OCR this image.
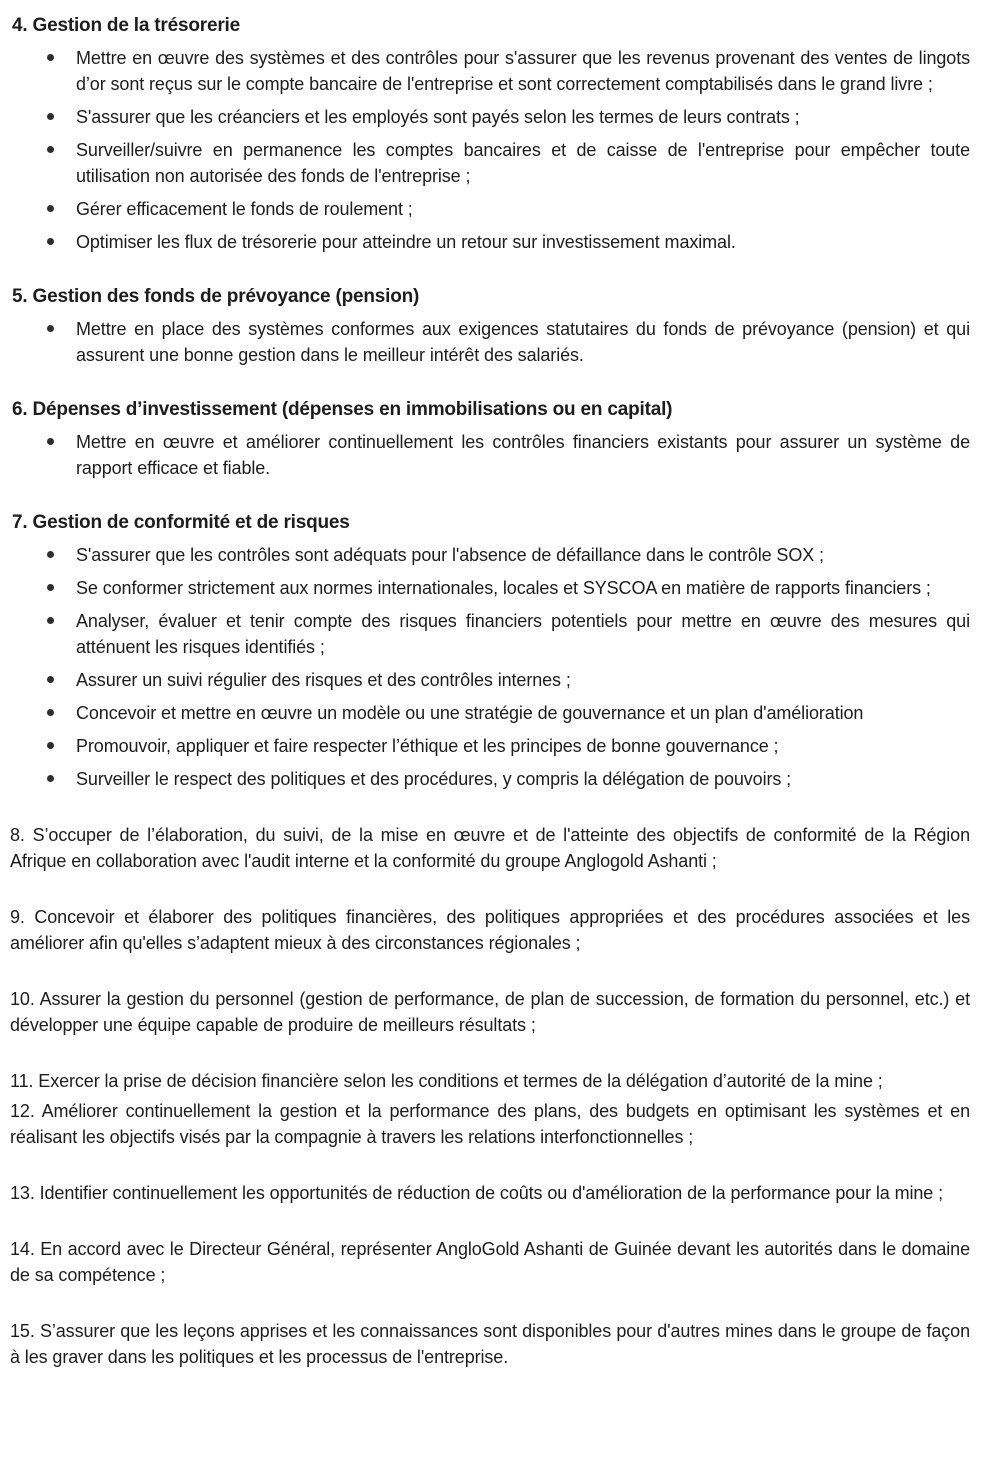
4. Gestion de la trésorerie
Mettre en œuvre des systèmes et des contrôles pour s'assurer que les revenus provenant des ventes de lingots d’or sont reçus sur le compte bancaire de l'entreprise et sont correctement comptabilisés dans le grand livre ;
S'assurer que les créanciers et les employés sont payés selon les termes de leurs contrats ;
Surveiller/suivre en permanence les comptes bancaires et de caisse de l'entreprise pour empêcher toute utilisation non autorisée des fonds de l'entreprise ;
Gérer efficacement le fonds de roulement ;
Optimiser les flux de trésorerie pour atteindre un retour sur investissement maximal.
5. Gestion des fonds de prévoyance (pension)
Mettre en place des systèmes conformes aux exigences statutaires du fonds de prévoyance (pension) et qui assurent une bonne gestion dans le meilleur intérêt des salariés.
6. Dépenses d’investissement (dépenses en immobilisations ou en capital)
Mettre en œuvre et améliorer continuellement les contrôles financiers existants pour assurer un système de rapport efficace et fiable.
7. Gestion de conformité et de risques
S'assurer que les contrôles sont adéquats pour l'absence de défaillance dans le contrôle SOX ;
Se conformer strictement aux normes internationales, locales et SYSCOA en matière de rapports financiers ;
Analyser, évaluer et tenir compte des risques financiers potentiels pour mettre en œuvre des mesures qui atténuent les risques identifiés ;
Assurer un suivi régulier des risques et des contrôles internes ;
Concevoir et mettre en œuvre un modèle ou une stratégie de gouvernance et un plan d'amélioration
Promouvoir, appliquer et faire respecter l’éthique et les principes de bonne gouvernance ;
Surveiller le respect des politiques et des procédures, y compris la délégation de pouvoirs ;

8. S’occuper de l’élaboration, du suivi, de la mise en œuvre et de l'atteinte des objectifs de conformité de la Région Afrique en collaboration avec l'audit interne et la conformité du groupe Anglogold Ashanti ;

9. Concevoir et élaborer des politiques financières, des politiques appropriées et des procédures associées et les améliorer afin qu'elles s’adaptent mieux à des circonstances régionales ;

10. Assurer la gestion du personnel (gestion de performance, de plan de succession, de formation du personnel, etc.) et développer une équipe capable de produire de meilleurs résultats ;

11. Exercer la prise de décision financière selon les conditions et termes de la délégation d’autorité de la mine ;

12. Améliorer continuellement la gestion et la performance des plans, des budgets en optimisant les systèmes et en réalisant les objectifs visés par la compagnie à travers les relations interfonctionnelles ;

13. Identifier continuellement les opportunités de réduction de coûts ou d'amélioration de la performance pour la mine ;

14. En accord avec le Directeur Général, représenter AngloGold Ashanti de Guinée devant les autorités dans le domaine de sa compétence ;

15. S’assurer que les leçons apprises et les connaissances sont disponibles pour d'autres mines dans le groupe de façon à les graver dans les politiques et les processus de l'entreprise.
